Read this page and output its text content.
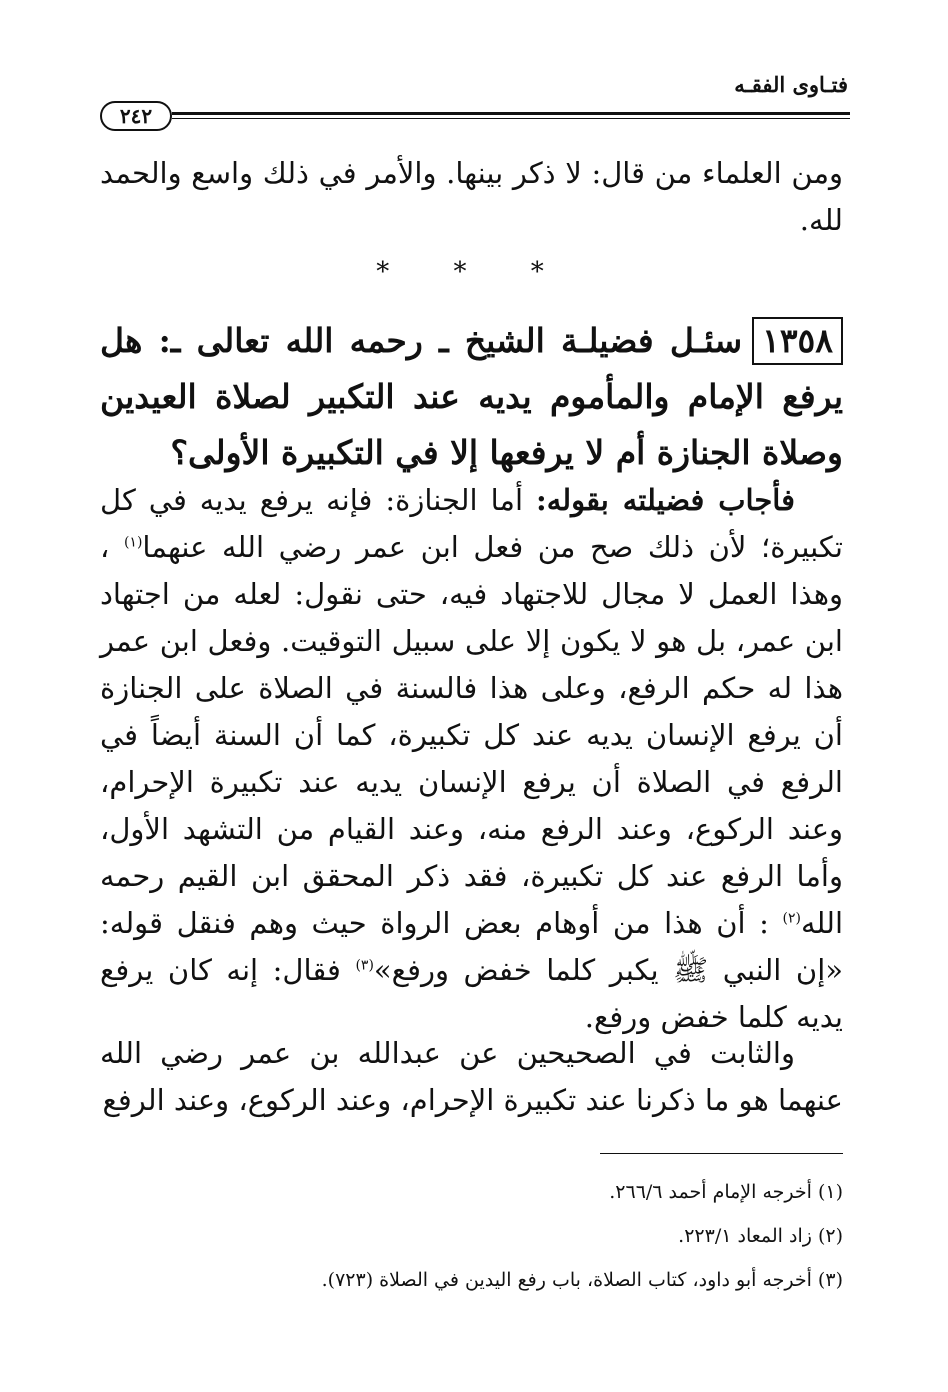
فتـاوى الفقـه
٢٤٢

ومن العلماء من قال: لا ذكر بينها. والأمر في ذلك واسع والحمد لله.

* * *

١٣٥٨سئـل فضيلـة الشيخ ـ رحمه الله تعالى ـ: هل يرفع الإمام والمأموم يديه عند التكبير لصلاة العيدين وصلاة الجنازة أم لا يرفعها إلا في التكبيرة الأولى؟

فأجاب فضيلته بقوله: أما الجنازة: فإنه يرفع يديه في كل تكبيرة؛ لأن ذلك صح من فعل ابن عمر رضي الله عنهما$^{(١)}$ ، وهذا العمل لا مجال للاجتهاد فيه، حتى نقول: لعله من اجتهاد ابن عمر، بل هو لا يكون إلا على سبيل التوقيت. وفعل ابن عمر هذا له حكم الرفع، وعلى هذا فالسنة في الصلاة على الجنازة أن يرفع الإنسان يديه عند كل تكبيرة، كما أن السنة أيضاً في الرفع في الصلاة أن يرفع الإنسان يديه عند تكبيرة الإحرام، وعند الركوع، وعند الرفع منه، وعند القيام من التشهد الأول، وأما الرفع عند كل تكبيرة، فقد ذكر المحقق ابن القيم رحمه الله$^{(٢)}$ : أن هذا من أوهام بعض الرواة حيث وهم فنقل قوله: «إن النبي ﷺ يكبر كلما خفض ورفع»$^{(٣)}$ فقال: إنه كان يرفع يديه كلما خفض ورفع.

والثابت في الصحيحين عن عبدالله بن عمر رضي الله عنهما هو ما ذكرنا عند تكبيرة الإحرام، وعند الركوع، وعند الرفع

(١) أخرجه الإمام أحمد ٢٦٦/٦.

(٢) زاد المعاد ٢٢٣/١.

(٣) أخرجه أبو داود، كتاب الصلاة، باب رفع اليدين في الصلاة (٧٢٣).
